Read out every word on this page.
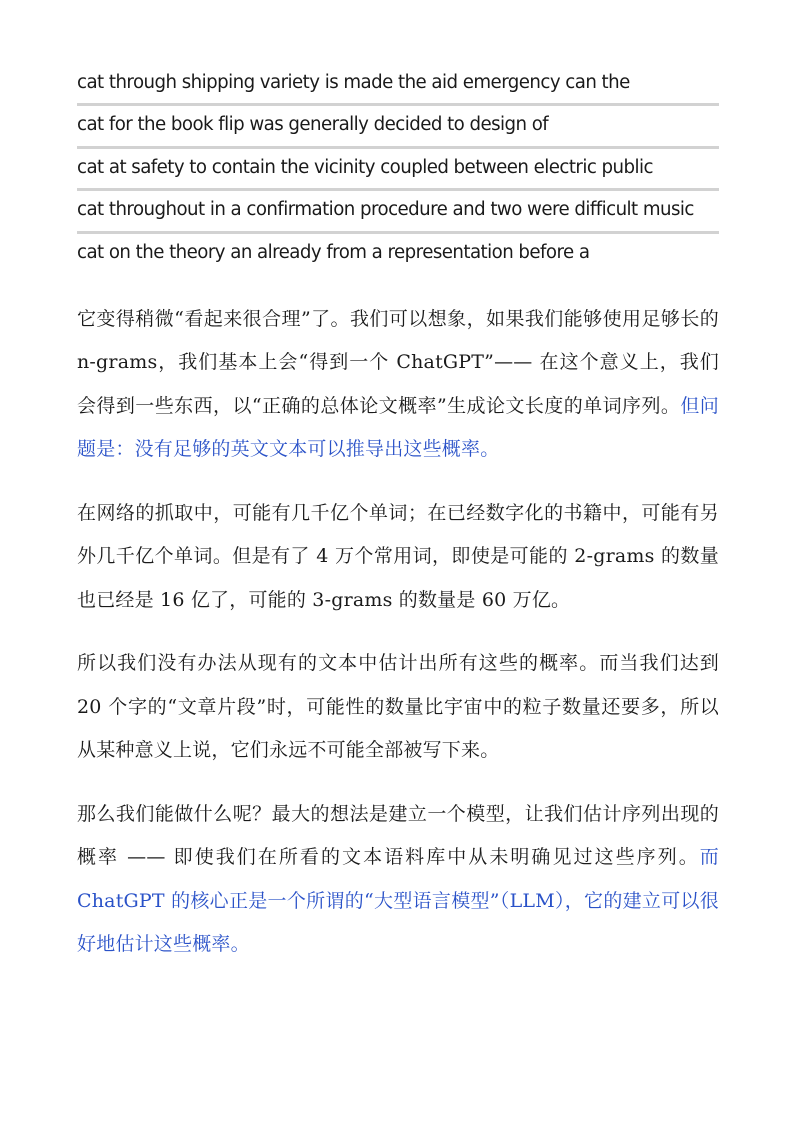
cat through shipping variety is made the aid emergency can the
cat for the book flip was generally decided to design of
cat at safety to contain the vicinity coupled between electric public
cat throughout in a confirmation procedure and two were difficult music
cat on the theory an already from a representation before a

它变得稍微“看起来很合理”了。我们可以想象，如果我们能够使用足够长的 n-grams，我们基本上会“得到一个 ChatGPT”—— 在这个意义上，我们会得到一些东西，以“正确的总体论文概率”生成论文长度的单词序列。但问题是：没有足够的英文文本可以推导出这些概率。

在网络的抓取中，可能有几千亿个单词；在已经数字化的书籍中，可能有另外几千亿个单词。但是有了 4 万个常用词，即使是可能的 2-grams 的数量也已经是 16 亿了，可能的 3-grams 的数量是 60 万亿。

所以我们没有办法从现有的文本中估计出所有这些的概率。而当我们达到 20 个字的“文章片段”时，可能性的数量比宇宙中的粒子数量还要多，所以从某种意义上说，它们永远不可能全部被写下来。

那么我们能做什么呢？最大的想法是建立一个模型，让我们估计序列出现的概率 —— 即使我们在所看的文本语料库中从未明确见过这些序列。而 ChatGPT 的核心正是一个所谓的“大型语言模型”（LLM），它的建立可以很好地估计这些概率。
